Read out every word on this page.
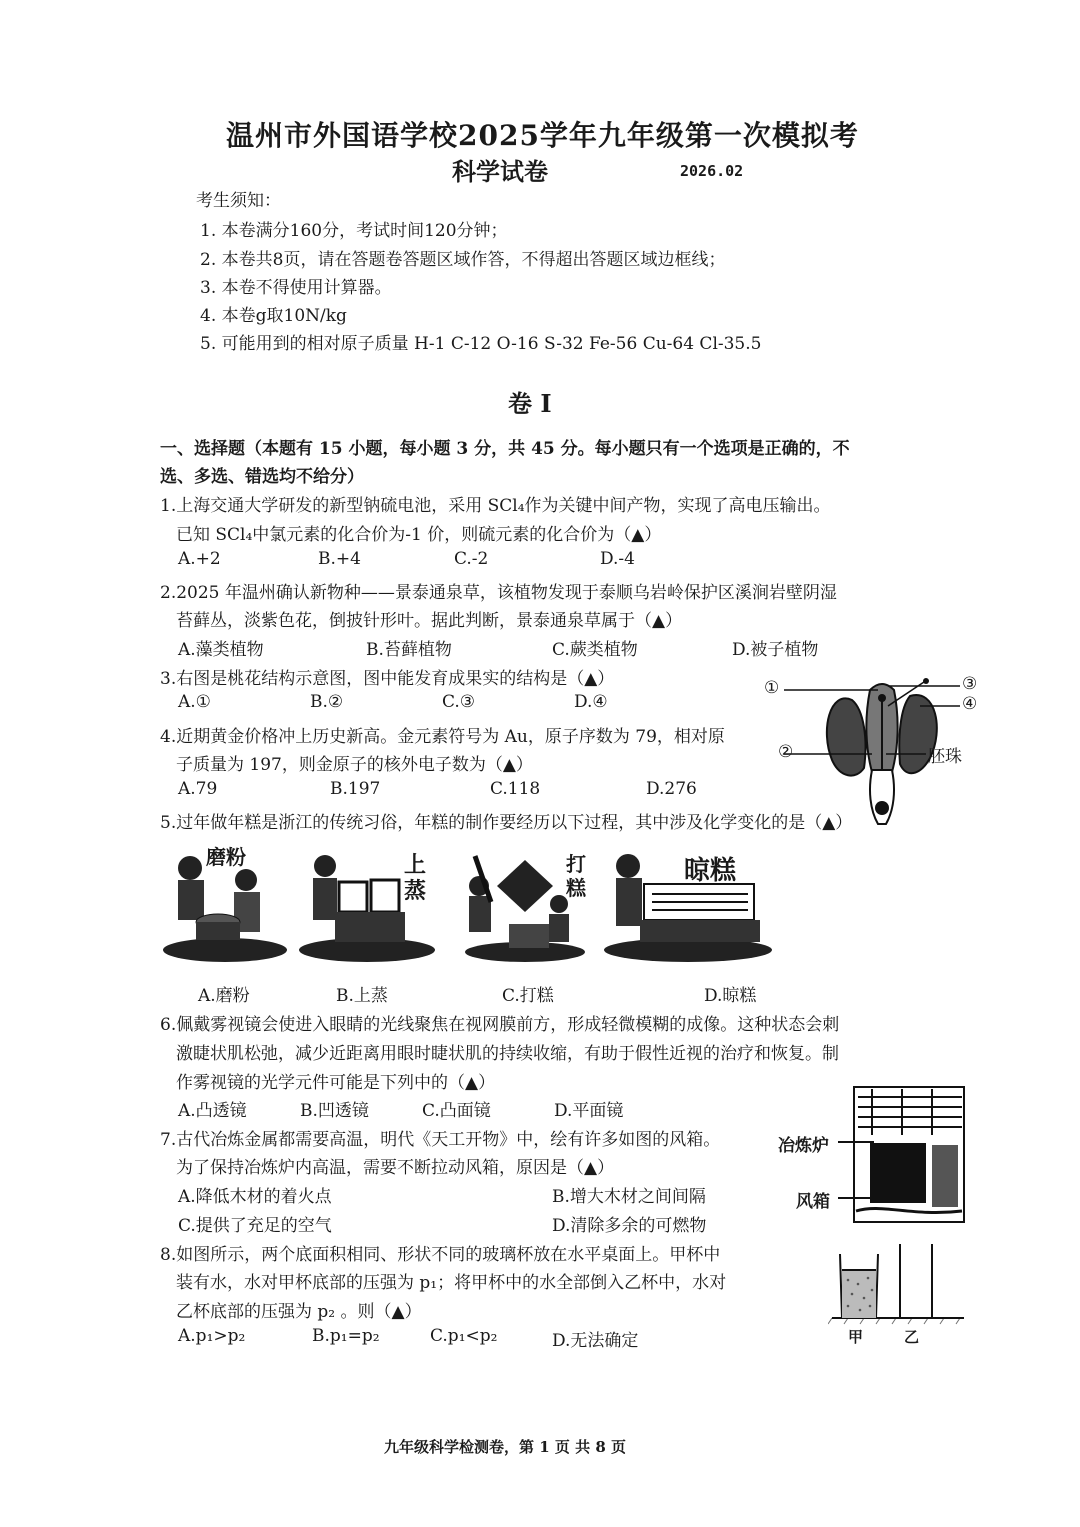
温州市外国语学校2025学年九年级第一次模拟考
科学试卷	2026.02
考生须知：
1. 本卷满分160分，考试时间120分钟；
2. 本卷共8页，请在答题卷答题区域作答，不得超出答题区域边框线；
3. 本卷不得使用计算器。
4. 本卷g取10N/kg
5. 可能用到的相对原子质量 H-1 C-12 O-16 S-32 Fe-56 Cu-64 Cl-35.5
卷 I
一、选择题（本题有 15 小题，每小题 3 分，共 45 分。每小题只有一个选项是正确的，不
选、多选、错选均不给分）
1.上海交通大学研发的新型钠硫电池，采用 SCl₄作为关键中间产物，实现了高电压输出。
已知 SCl₄中氯元素的化合价为-1 价，则硫元素的化合价为（▲）
A.+2	B.+4	C.-2	D.-4
2.2025 年温州确认新物种——景泰通泉草，该植物发现于泰顺乌岩岭保护区溪涧岩壁阴湿
苔藓丛，淡紫色花，倒披针形叶。据此判断，景泰通泉草属于（▲）
A.藻类植物	B.苔藓植物	C.蕨类植物	D.被子植物
3.右图是桃花结构示意图，图中能发育成果实的结构是（▲）
A.①	B.②	C.③	D.④
①
②
③
④
胚珠
4.近期黄金价格冲上历史新高。金元素符号为 Au，原子序数为 79，相对原
子质量为 197，则金原子的核外电子数为（▲）
A.79	B.197	C.118	D.276
5.过年做年糕是浙江的传统习俗，年糕的制作要经历以下过程，其中涉及化学变化的是（▲）
磨粉	上蒸
打糕
晾糕
A.磨粉	B.上蒸	C.打糕	D.晾糕
6.佩戴雾视镜会使进入眼睛的光线聚焦在视网膜前方，形成轻微模糊的成像。这种状态会刺
激睫状肌松弛，减少近距离用眼时睫状肌的持续收缩，有助于假性近视的治疗和恢复。制
作雾视镜的光学元件可能是下列中的（▲）
A.凸透镜	B.凹透镜	C.凸面镜	D.平面镜
7.古代冶炼金属都需要高温，明代《天工开物》中，绘有许多如图的风箱。
为了保持冶炼炉内高温，需要不断拉动风箱，原因是（▲）
A.降低木材的着火点	B.增大木材之间间隔
C.提供了充足的空气	D.清除多余的可燃物
冶炼炉
风箱
8.如图所示，两个底面积相同、形状不同的玻璃杯放在水平桌面上。甲杯中
装有水，水对甲杯底部的压强为 p₁；将甲杯中的水全部倒入乙杯中，水对
乙杯底部的压强为 p₂ 。则（▲）
A.p₁>p₂	B.p₁=p₂	C.p₁<p₂	D.无法确定	甲	乙
九年级科学检测卷，第 1 页 共 8 页
